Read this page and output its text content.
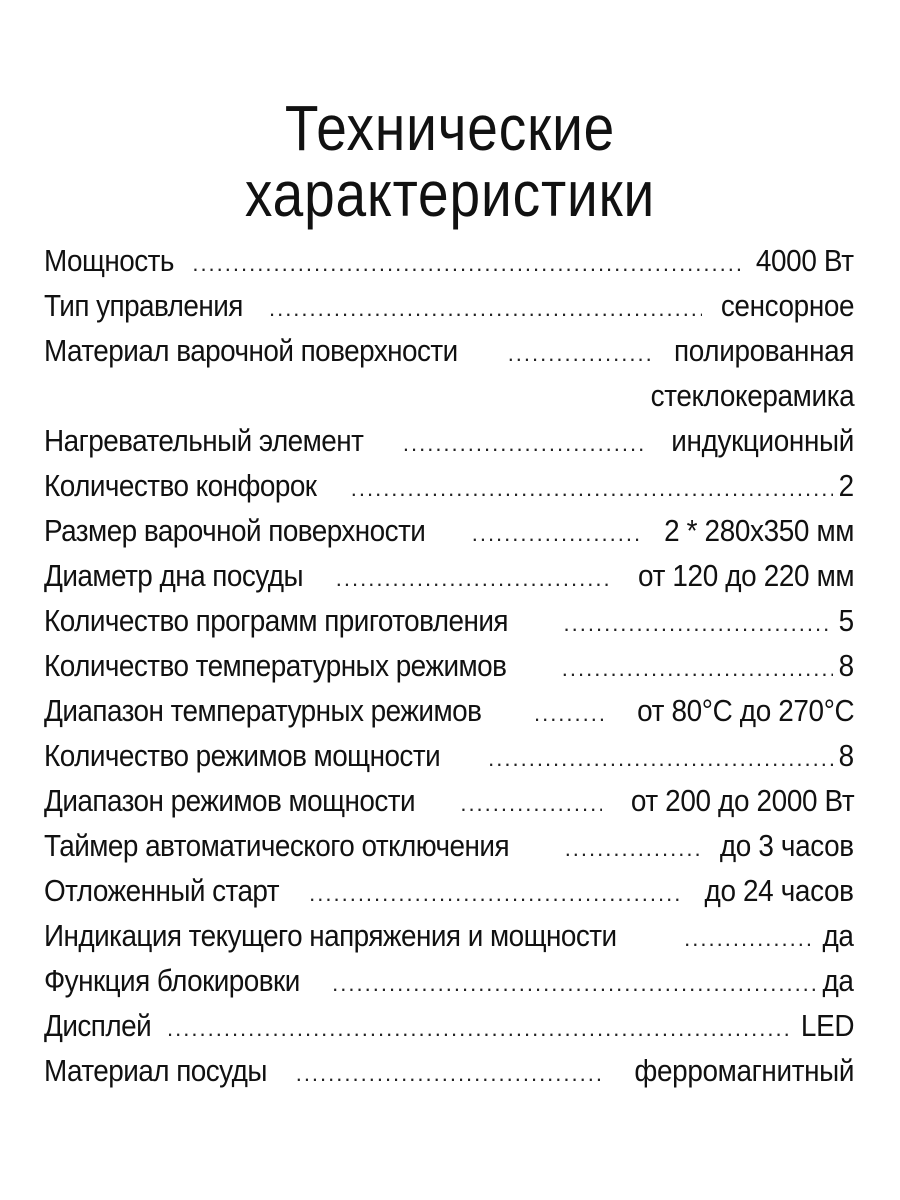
Технические
характеристики
Мощность .....	4000 Вт
Тип управления .....	сенсорное
Материал варочной поверхности .....	полированная
стеклокерамика
Нагревательный элемент .....	индукционный
Количество конфорок .....	2
Размер варочной поверхности .....	2 * 280x350 мм
Диаметр дна посуды .....	от 120 до 220 мм
Количество программ приготовления .....	5
Количество температурных режимов .....	8
Диапазон температурных режимов .....	от 80°С до 270°С
Количество режимов мощности .....	8
Диапазон режимов мощности .....	от 200 до 2000 Вт
Таймер автоматического отключения .....	до 3 часов
Отложенный старт .....	до 24 часов
Индикация текущего напряжения и мощности .....	да
Функция блокировки .....	да
Дисплей .....	LED
Материал посуды .....	ферромагнитный
